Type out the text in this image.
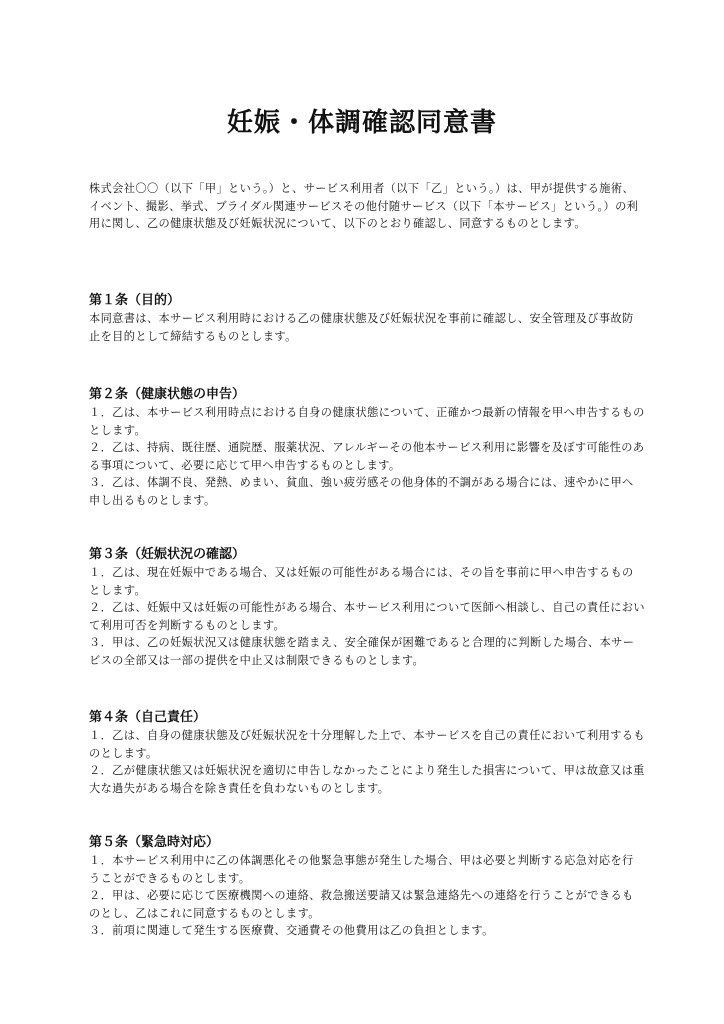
妊娠・体調確認同意書

株式会社〇〇（以下「甲」という。）と、サービス利用者（以下「乙」という。）は、甲が提供する施術、イベント、撮影、挙式、ブライダル関連サービスその他付随サービス（以下「本サービス」という。）の利用に関し、乙の健康状態及び妊娠状況について、以下のとおり確認し、同意するものとします。

第１条（目的）

本同意書は、本サービス利用時における乙の健康状態及び妊娠状況を事前に確認し、安全管理及び事故防止を目的として締結するものとします。

第２条（健康状態の申告）

１．乙は、本サービス利用時点における自身の健康状態について、正確かつ最新の情報を甲へ申告するものとします。

２．乙は、持病、既往歴、通院歴、服薬状況、アレルギーその他本サービス利用に影響を及ぼす可能性のある事項について、必要に応じて甲へ申告するものとします。

３．乙は、体調不良、発熱、めまい、貧血、強い疲労感その他身体的不調がある場合には、速やかに甲へ申し出るものとします。

第３条（妊娠状況の確認）

１．乙は、現在妊娠中である場合、又は妊娠の可能性がある場合には、その旨を事前に甲へ申告するものとします。

２．乙は、妊娠中又は妊娠の可能性がある場合、本サービス利用について医師へ相談し、自己の責任において利用可否を判断するものとします。

３．甲は、乙の妊娠状況又は健康状態を踏まえ、安全確保が困難であると合理的に判断した場合、本サービスの全部又は一部の提供を中止又は制限できるものとします。

第４条（自己責任）

１．乙は、自身の健康状態及び妊娠状況を十分理解した上で、本サービスを自己の責任において利用するものとします。

２．乙が健康状態又は妊娠状況を適切に申告しなかったことにより発生した損害について、甲は故意又は重大な過失がある場合を除き責任を負わないものとします。

第５条（緊急時対応）

１．本サービス利用中に乙の体調悪化その他緊急事態が発生した場合、甲は必要と判断する応急対応を行うことができるものとします。

２．甲は、必要に応じて医療機関への連絡、救急搬送要請又は緊急連絡先への連絡を行うことができるものとし、乙はこれに同意するものとします。

３．前項に関連して発生する医療費、交通費その他費用は乙の負担とします。
